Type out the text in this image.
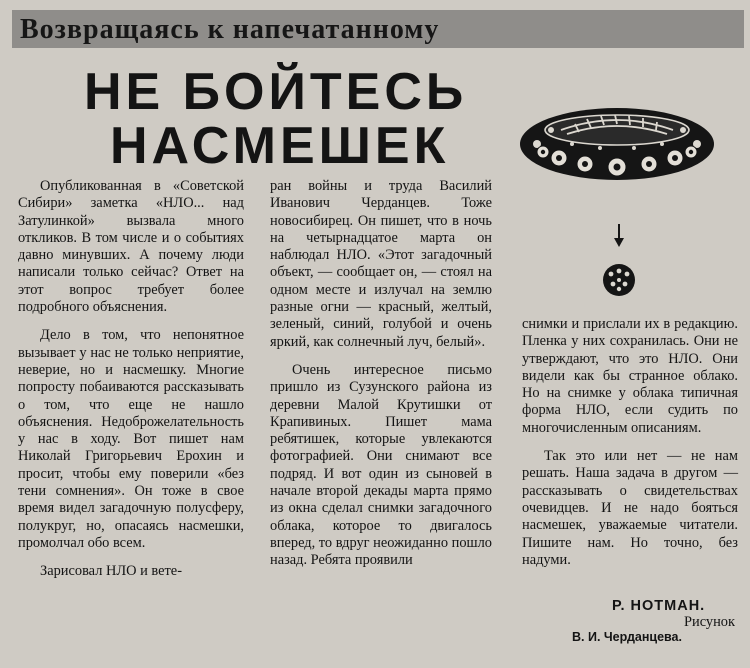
Возвращаясь к напечатанному
НЕ БОЙТЕСЬ
НАСМЕШЕК

Опубликованная в «Советской Сибири» заметка «НЛО... над Затулинкой» вызвала много откликов. В том числе и о событиях давно минувших. А почему люди написали только сейчас? Ответ на этот вопрос требует более подробного объяснения.

Дело в том, что непонятное вызывает у нас не только неприятие, неверие, но и насмешку. Многие попросту побаиваются рассказывать о том, что еще не нашло объяснения. Недоброжелательность у нас в ходу. Вот пишет нам Николай Григорьевич Ерохин и просит, чтобы ему поверили «без тени сомнения». Он тоже в свое время видел загадочную полусферу, полукруг, но, опасаясь насмешки, промолчал обо всем.

Зарисовал НЛО и вете-

ран войны и труда Василий Иванович Черданцев. Тоже новосибирец. Он пишет, что в ночь на четырнадцатое марта он наблюдал НЛО. «Этот загадочный объект, — сообщает он, — стоял на одном месте и излучал на землю разные огни — красный, желтый, зеленый, синий, голубой и очень яркий, как солнечный луч, белый».

Очень интересное письмо пришло из Сузунского района из деревни Малой Крутишки от Крапивиных. Пишет мама ребятишек, которые увлекаются фотографией. Они снимают все подряд. И вот один из сыновей в начале второй декады марта прямо из окна сделал снимки загадочного облака, которое то двигалось вперед, то вдруг неожиданно пошло назад. Ребята проявили

снимки и прислали их в редакцию. Пленка у них сохранилась. Они не утверждают, что это НЛО. Они видели как бы странное облако. Но на снимке у облака типичная форма НЛО, если судить по многочисленным описаниям.

Так это или нет — не нам решать. Наша задача в другом — рассказывать о свидетельствах очевидцев. И не надо бояться насмешек, уважаемые читатели. Пишите нам. Но точно, без надуми.

Р. НОТМАН.
Рисунок
В. И. Черданцева.
